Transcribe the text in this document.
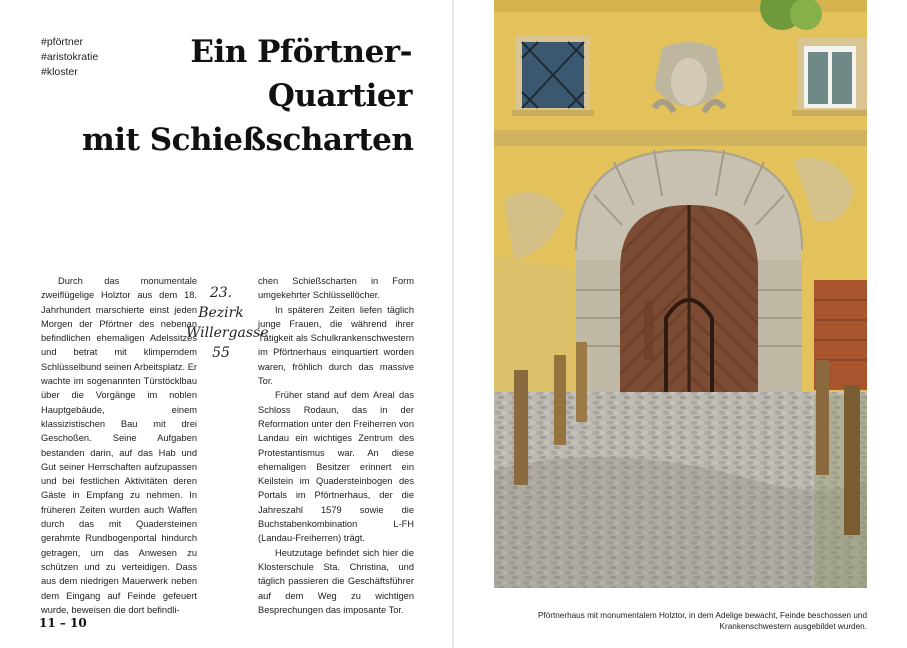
#pförtner
#aristokratie
#kloster
Ein Pförtner-
Quartier
mit Schießscharten

Durch das monumentale zweiflügelige Holztor aus dem 18. Jahrhundert marschierte einst jeden Morgen der Pförtner des nebenan befindlichen ehemaligen Adelssitzes und betrat mit klimperndem Schlüsselbund seinen Arbeitsplatz. Er wachte im sogenannten Türstöcklbau über die Vorgänge im noblen Hauptgebäude, einem klassizistischen Bau mit drei Geschoßen. Seine Aufgaben bestanden darin, auf das Hab und Gut seiner Herrschaften aufzupassen und bei festlichen Aktivitäten deren Gäste in Empfang zu nehmen. In früheren Zeiten wurden auch Waffen durch das mit Quadersteinen gerahmte Rundbogenportal hindurch getragen, um das Anwesen zu schützen und zu verteidigen. Dass aus dem niedrigen Mauerwerk neben dem Eingang auf Feinde gefeuert wurde, beweisen die dort befindli-

23. Bezirk
Willergasse
55

chen Schießscharten in Form umgekehrter Schlüssellöcher.

In späteren Zeiten liefen täglich junge Frauen, die während ihrer Tätigkeit als Schulkrankenschwestern im Pförtnerhaus einquartiert worden waren, fröhlich durch das massive Tor.

Früher stand auf dem Areal das Schloss Rodaun, das in der Reformation unter den Freiherren von Landau ein wichtiges Zentrum des Protestantismus war. An diese ehemaligen Besitzer erinnert ein Keilstein im Quadersteinbogen des Portals im Pförtnerhaus, der die Jahreszahl 1579 sowie die Buchstabenkombination L-FH (Landau-Freiherren) trägt.

Heutzutage befindet sich hier die Klosterschule Sta. Christina, und täglich passieren die Geschäftsführer auf dem Weg zu wichtigen Besprechungen das imposante Tor.

11 – 10
Pförtnerhaus mit monumentalem Holztor, in dem Adelige bewacht, Feinde beschossen und Krankenschwestern ausgebildet wurden.
